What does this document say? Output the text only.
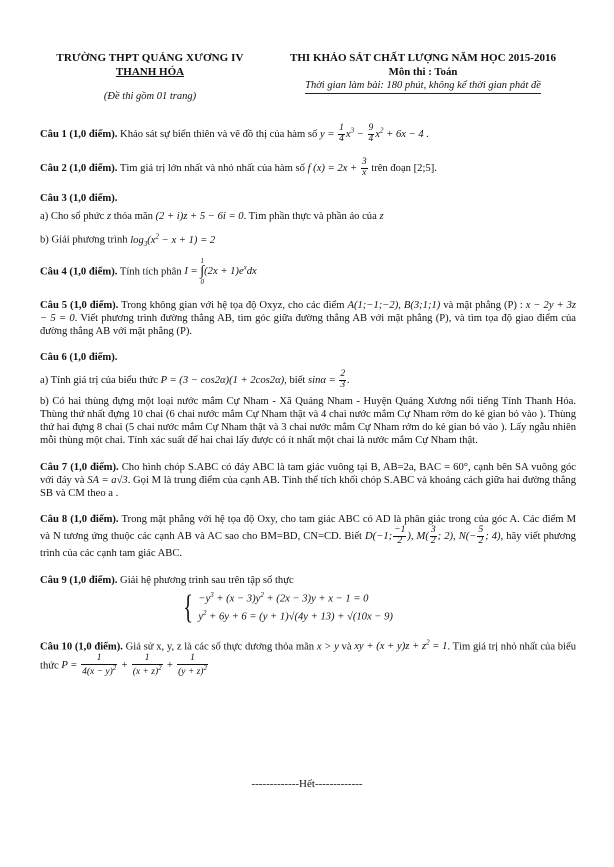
TRƯỜNG THPT QUẢNG XƯƠNG IV
THANH HÓA
(Đề thi gồm 01 trang)
THI KHẢO SÁT CHẤT LƯỢNG NĂM HỌC 2015-2016
Môn thi : Toán
Thời gian làm bài: 180 phút, không kể thời gian phát đề

Câu 1 (1,0 điểm). Khảo sát sự biến thiên và vẽ đồ thị của hàm số $y = \frac{1}{4} x^3 - \frac{9}{4} x^2 + 6x - 4$ .

Câu 2 (1,0 điểm). Tìm giá trị lớn nhất và nhỏ nhất của hàm số f $(x) = 2x + \frac{3}{x}$ trên đoạn [2;5].

Câu 3 (1,0 điểm).

a) Cho số phức z thỏa mãn (2 + i)z + 5 − 6i = 0. Tìm phần thực và phần ảo của z

b) Giải phương trình $\log_3(x^2 - x + 1) = 2$

Câu 4 (1,0 điểm). Tính tích phân I =
1
∫
0
$(2x + 1)e^xdx$

Câu 5 (1,0 điểm). Trong không gian với hệ tọa độ Oxyz, cho các điểm A(1;−1;−2), B(3;1;1) và mặt phẳng (P) : x − 2y + 3z − 5 = 0. Viết phương trình đường thẳng AB, tìm góc giữa đường thẳng AB với mặt phẳng (P), và tìm tọa độ giao điểm của đường thẳng AB với mặt phẳng (P).

Câu 6 (1,0 điểm).

a) Tính giá trị của biểu thức P = (3 − cos2α)(1 + 2cos2α), biết $\sin\alpha = \frac{2}{3}$ .

b) Có hai thùng đựng một loại nước mắm Cự Nham - Xã Quảng Nham - Huyện Quảng Xương nổi tiếng Tỉnh Thanh Hóa. Thùng thứ nhất đựng 10 chai (6 chai nước mắm Cự Nham thật và 4 chai nước mắm Cự Nham rởm do kẻ gian bỏ vào ). Thùng thứ hai đựng 8 chai (5 chai nước mắm Cự Nham thật và 3 chai nước mắm Cự Nham rởm do kẻ gian bỏ vào ). Lấy ngẫu nhiên mỗi thùng một chai. Tính xác suất để hai chai lấy được có ít nhất một chai là nước mắm Cự Nham thật.

Câu 7 (1,0 điểm). Cho hình chóp S.ABC có đáy ABC là tam giác vuông tại B, AB=2a, BAC = 60°, cạnh bên SA vuông góc với đáy và SA = a√3. Gọi M là trung điểm của cạnh AB. Tính thể tích khối chóp S.ABC và khoảng cách giữa hai đường thẳng SB và CM theo a .

Câu 8 (1,0 điểm). Trong mặt phẳng với hệ tọa độ Oxy, cho tam giác ABC có AD là phân giác trong của góc A. Các điểm M và N tương ứng thuộc các cạnh AB và AC sao cho BM=BD, CN=CD. Biết D(−1; $\frac{-1}{2}$ ), $M( \frac{3}{2}$ ; 2), $N(- \frac{5}{2}$ ; 4), hãy viết phương trình của các cạnh tam giác ABC.

Câu 9 (1,0 điểm). Giải hệ phương trình sau trên tập số thực

{ $-y^3 + (x - 3)y^2 + (2x - 3)y + x - 1 = 0$
$y^2 + 6y + 6 = (y + 1)√(4y + 13) + √(10x - 9)$

Câu 10 (1,0 điểm). Giả sử x, y, z là các số thực dương thỏa mãn x > y và xy + $(x + y)z + z^2 = 1$. Tìm giá trị nhỏ nhất của biểu thức $P = \frac{1}{4(x - y)^2} + \frac{1}{(x + z)^2} + \frac{1}{(y + z)^2}$

-------------Hết-------------
